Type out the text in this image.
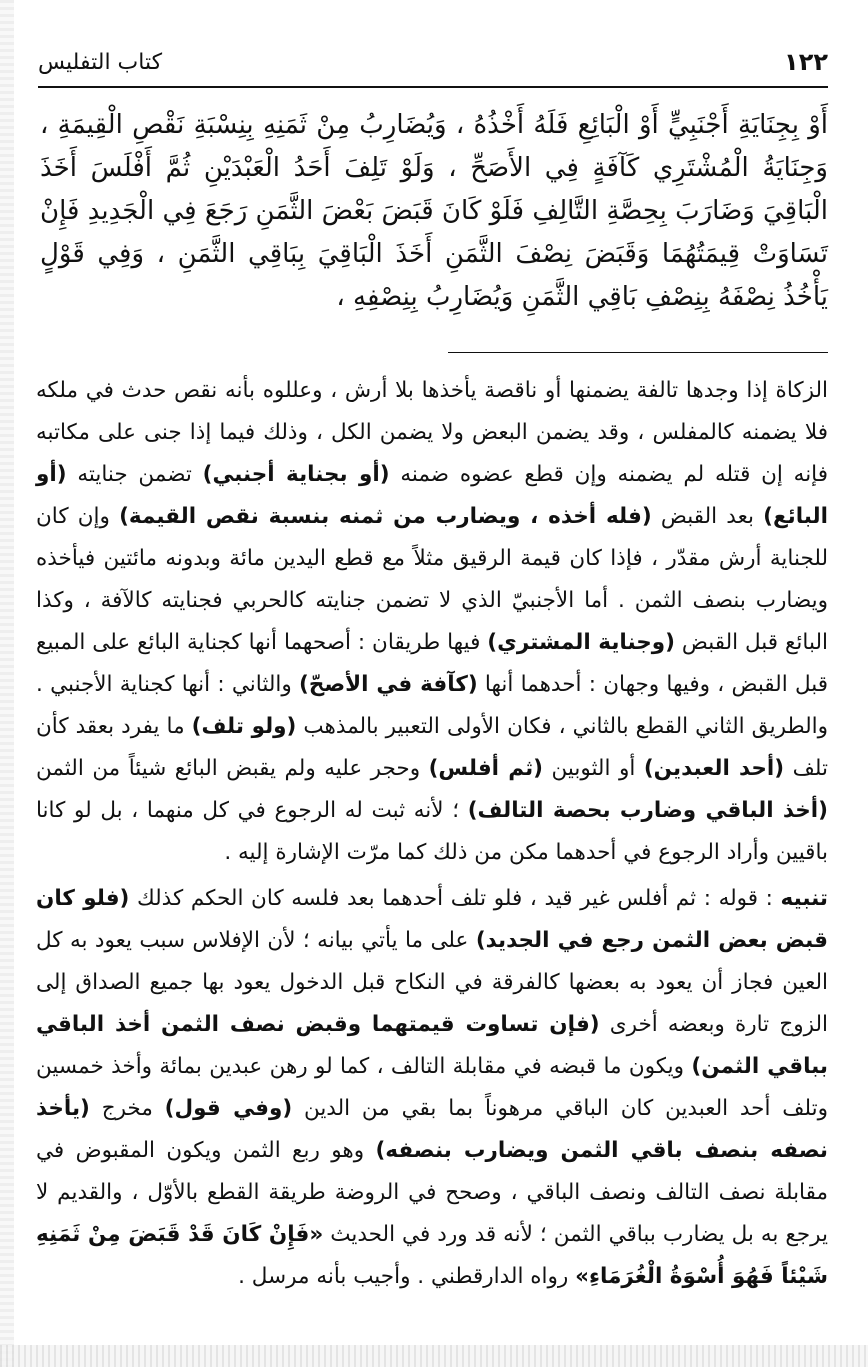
كتاب التفليس	١٢٢
أَوْ بِجِنَايَةِ أَجْنَبِيٍّ أَوْ الْبَائِعِ فَلَهُ أَخْذُهُ ، وَيُضَارِبُ مِنْ ثَمَنِهِ بِنِسْبَةِ نَقْصِ الْقِيمَةِ ، وَجِنَايَةُ الْمُشْتَرِي كَآفَةٍ فِي الأَصَحِّ ، وَلَوْ تَلِفَ أَحَدُ الْعَبْدَيْنِ ثُمَّ أَفْلَسَ أَخَذَ الْبَاقِيَ وَضَارَبَ بِحِصَّةِ التَّالِفِ فَلَوْ كَانَ قَبَضَ بَعْضَ الثَّمَنِ رَجَعَ فِي الْجَدِيدِ فَإِنْ تَسَاوَتْ قِيمَتُهُمَا وَقَبَضَ نِصْفَ الثَّمَنِ أَخَذَ الْبَاقِيَ بِبَاقِي الثَّمَنِ ، وَفِي قَوْلٍ يَأْخُذُ نِصْفَهُ بِنِصْفِ بَاقِي الثَّمَنِ وَيُضَارِبُ بِنِصْفِهِ ،

الزكاة إذا وجدها تالفة يضمنها أو ناقصة يأخذها بلا أرش ، وعللوه بأنه نقص حدث في ملكه فلا يضمنه كالمفلس ، وقد يضمن البعض ولا يضمن الكل ، وذلك فيما إذا جنى على مكاتبه فإنه إن قتله لم يضمنه وإن قطع عضوه ضمنه (أو بجناية أجنبي) تضمن جنايته (أو البائع) بعد القبض (فله أخذه ، ويضارب من ثمنه بنسبة نقص القيمة) وإن كان للجناية أرش مقدّر ، فإذا كان قيمة الرقيق مثلاً مع قطع اليدين مائة وبدونه مائتين فيأخذه ويضارب بنصف الثمن . أما الأجنبيّ الذي لا تضمن جنايته كالحربي فجنايته كالآفة ، وكذا البائع قبل القبض (وجناية المشتري) فيها طريقان : أصحهما أنها كجناية البائع على المبيع قبل القبض ، وفيها وجهان : أحدهما أنها (كآفة في الأصحّ) والثاني : أنها كجناية الأجنبي . والطريق الثاني القطع بالثاني ، فكان الأولى التعبير بالمذهب (ولو تلف) ما يفرد بعقد كأن تلف (أحد العبدين) أو الثوبين (ثم أفلس) وحجر عليه ولم يقبض البائع شيئاً من الثمن (أخذ الباقي وضارب بحصة التالف) ؛ لأنه ثبت له الرجوع في كل منهما ، بل لو كانا باقيين وأراد الرجوع في أحدهما مكن من ذلك كما مرّت الإشارة إليه .

تنبيه : قوله : ثم أفلس غير قيد ، فلو تلف أحدهما بعد فلسه كان الحكم كذلك (فلو كان قبض بعض الثمن رجع في الجديد) على ما يأتي بيانه ؛ لأن الإفلاس سبب يعود به كل العين فجاز أن يعود به بعضها كالفرقة في النكاح قبل الدخول يعود بها جميع الصداق إلى الزوج تارة وبعضه أخرى (فإن تساوت قيمتهما وقبض نصف الثمن أخذ الباقي بباقي الثمن) ويكون ما قبضه في مقابلة التالف ، كما لو رهن عبدين بمائة وأخذ خمسين وتلف أحد العبدين كان الباقي مرهوناً بما بقي من الدين (وفي قول) مخرج (يأخذ نصفه بنصف باقي الثمن ويضارب بنصفه) وهو ربع الثمن ويكون المقبوض في مقابلة نصف التالف ونصف الباقي ، وصحح في الروضة طريقة القطع بالأوّل ، والقديم لا يرجع به بل يضارب بباقي الثمن ؛ لأنه قد ورد في الحديث «فَإِنْ كَانَ قَدْ قَبَضَ مِنْ ثَمَنِهِ شَيْئاً فَهُوَ أُسْوَةُ الْغُرَمَاءِ» رواه الدارقطني . وأجيب بأنه مرسل .
